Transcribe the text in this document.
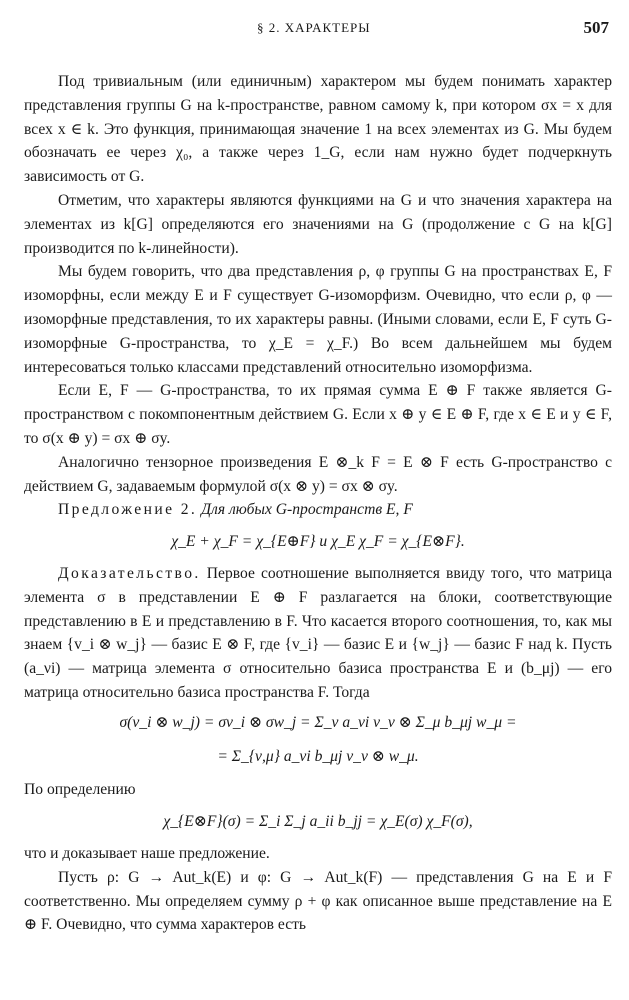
§ 2. ХАРАКТЕРЫ	507

Под тривиальным (или единичным) характером мы будем понимать характер представления группы G на k-пространстве, равном самому k, при котором σx = x для всех x ∈ k. Это функция, принимающая значение 1 на всех элементах из G. Мы будем обозначать ее через χ₀, а также через 1_G, если нам нужно будет подчеркнуть зависимость от G.

Отметим, что характеры являются функциями на G и что значения характера на элементах из k[G] определяются его значениями на G (продолжение с G на k[G] производится по k-линейности).

Мы будем говорить, что два представления ρ, φ группы G на пространствах E, F изоморфны, если между E и F существует G-изоморфизм. Очевидно, что если ρ, φ — изоморфные представления, то их характеры равны. (Иными словами, если E, F суть G-изоморфные G-пространства, то χ_E = χ_F.) Во всем дальнейшем мы будем интересоваться только классами представлений относительно изоморфизма.

Если E, F — G-пространства, то их прямая сумма E ⊕ F также является G-пространством с покомпонентным действием G. Если x ⊕ y ∈ E ⊕ F, где x ∈ E и y ∈ F, то σ(x ⊕ y) = σx ⊕ σy.

Аналогично тензорное произведения E ⊗_k F = E ⊗ F есть G-пространство с действием G, задаваемым формулой σ(x ⊗ y) = σx ⊗ σy.

Предложение 2. Для любых G-пространств E, F

χ_E + χ_F = χ_{E⊕F} и χ_E χ_F = χ_{E⊗F}.

Доказательство. Первое соотношение выполняется ввиду того, что матрица элемента σ в представлении E ⊕ F разлагается на блоки, соответствующие представлению в E и представлению в F. Что касается второго соотношения, то, как мы знаем {v_i ⊗ w_j} — базис E ⊗ F, где {v_i} — базис E и {w_j} — базис F над k. Пусть (a_νi) — матрица элемента σ относительно базиса пространства E и (b_μj) — его матрица относительно базиса пространства F. Тогда

σ(v_i ⊗ w_j) = σv_i ⊗ σw_j = Σ_ν a_νi v_ν ⊗ Σ_μ b_μj w_μ =
= Σ_{ν,μ} a_νi b_μj v_ν ⊗ w_μ.

По определению

χ_{E⊗F}(σ) = Σ_i Σ_j a_ii b_jj = χ_E(σ) χ_F(σ),

что и доказывает наше предложение.

Пусть ρ: G → Aut_k(E) и φ: G → Aut_k(F) — представления G на E и F соответственно. Мы определяем сумму ρ + φ как описанное выше представление на E ⊕ F. Очевидно, что сумма характеров есть
